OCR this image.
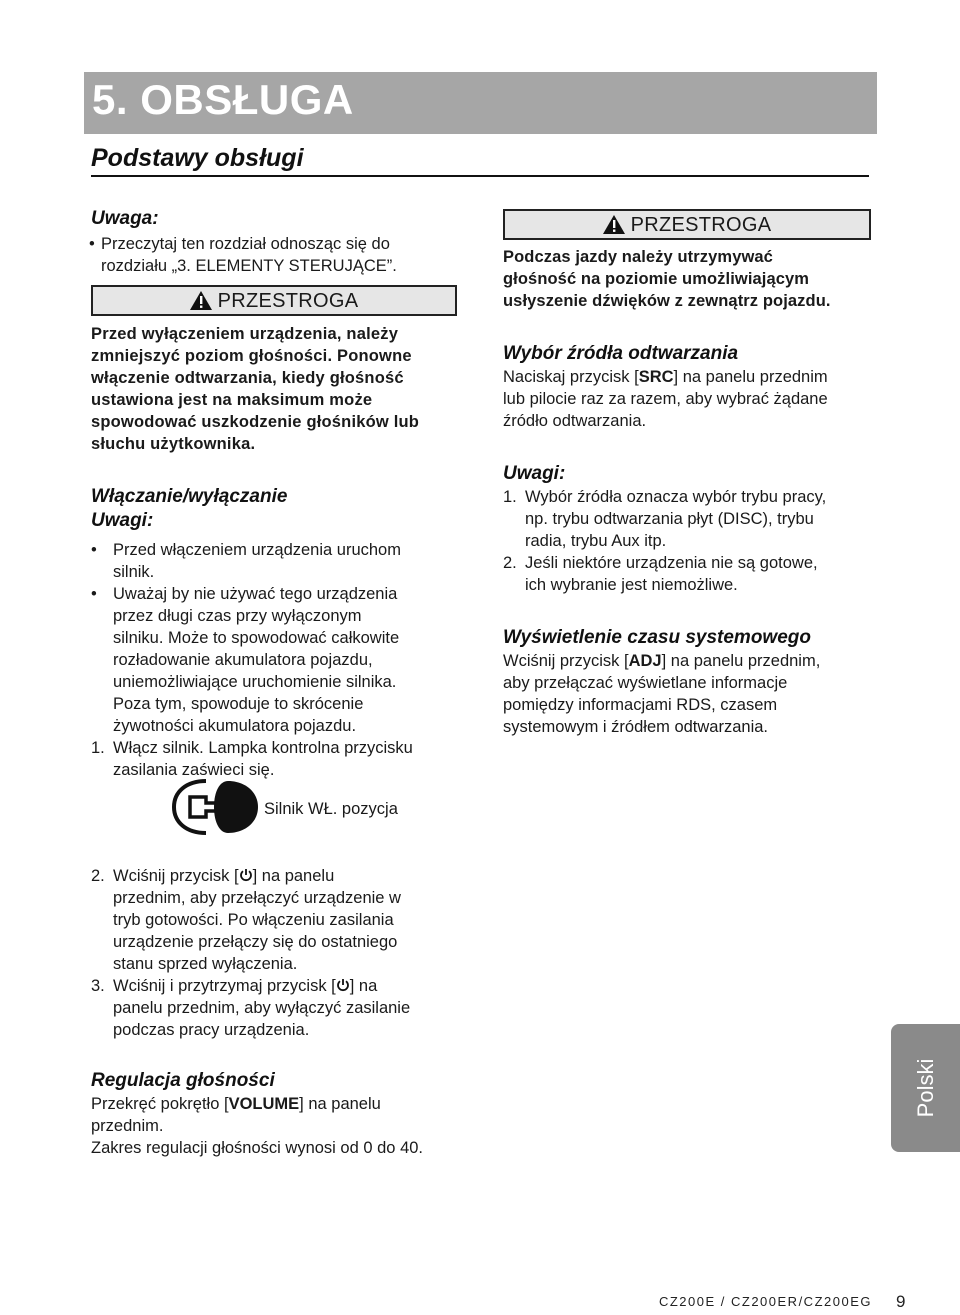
5. OBSŁUGA
Podstawy obsługi

Uwaga:

• Przeczytaj ten rozdział odnosząc się do

rozdziału „3. ELEMENTY STERUJĄCE”.

PRZESTROGA

Przed wyłączeniem urządzenia, należy

zmniejszyć poziom głośności. Ponowne

włączenie odtwarzania, kiedy głośność

ustawiona jest na maksimum może

spowodować uszkodzenie głośników lub

słuchu użytkownika.

Włączanie/wyłączanie

Uwagi:

• Przed włączeniem urządzenia uruchom

silnik.

• Uważaj by nie używać tego urządzenia

przez długi czas przy wyłączonym

silniku. Może to spowodować całkowite

rozładowanie akumulatora pojazdu,

uniemożliwiające uruchomienie silnika.

Poza tym, spowoduje to skrócenie

żywotności akumulatora pojazdu.

1. Włącz silnik. Lampka kontrolna przycisku

zasilania zaświeci się.

Silnik WŁ. pozycja
2. Wciśnij przycisk [ ] na panelu

przednim, aby przełączyć urządzenie w

tryb gotowości. Po włączeniu zasilania

urządzenie przełączy się do ostatniego

stanu sprzed wyłączenia.

3. Wciśnij i przytrzymaj przycisk [ ] na

panelu przednim, aby wyłączyć zasilanie

podczas pracy urządzenia.

Regulacja głośności

Przekręć pokrętło [VOLUME] na panelu

przednim.

Zakres regulacji głośności wynosi od 0 do 40.

PRZESTROGA

Podczas jazdy należy utrzymywać

głośność na poziomie umożliwiającym

usłyszenie dźwięków z zewnątrz pojazdu.

Wybór źródła odtwarzania

Naciskaj przycisk [SRC] na panelu przednim

lub pilocie raz za razem, aby wybrać żądane

źródło odtwarzania.

Uwagi:

1. Wybór źródła oznacza wybór trybu pracy,

np. trybu odtwarzania płyt (DISC), trybu

radia, trybu Aux itp.

2. Jeśli niektóre urządzenia nie są gotowe,

ich wybranie jest niemożliwe.

Wyświetlenie czasu systemowego

Wciśnij przycisk [ADJ] na panelu przednim,

aby przełączać wyświetlane informacje

pomiędzy informacjami RDS, czasem

systemowym i źródłem odtwarzania.

Polski
CZ200E / CZ200ER/CZ200EG 9
